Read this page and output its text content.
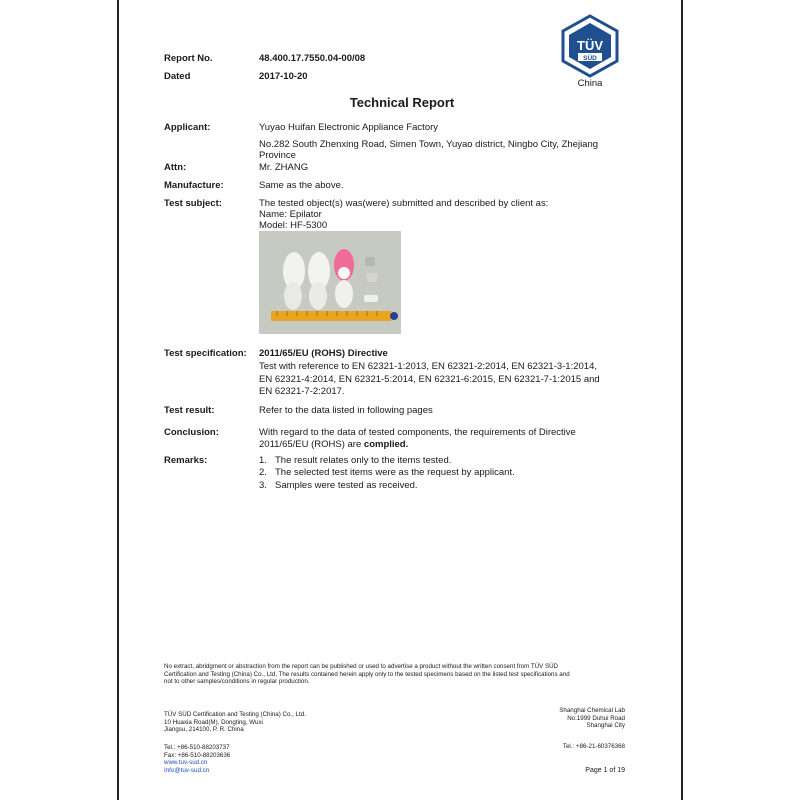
TÜV
SÜD
China
Report No.	48.400.17.7550.04-00/08
Dated	2017-10-20
Technical Report
Applicant:	Yuyao Huifan Electronic Appliance Factory
No.282 South Zhenxing Road, Simen Town, Yuyao district, Ningbo City, Zhejiang
Province
Attn:	Mr. ZHANG
Manufacture:	Same as the above.
Test subject:	The tested object(s) was(were) submitted and described by client as:
Name: Epilator
Model: HF-5300
Test specification: 2011/65/EU (ROHS) Directive
Test with reference to EN 62321-1:2013, EN 62321-2:2014, EN 62321-3-1:2014,
EN 62321-4:2014, EN 62321-5:2014, EN 62321-6:2015, EN 62321-7-1:2015 and
EN 62321-7-2:2017.
Test result:	Refer to the data listed in following pages
Conclusion:	With regard to the data of tested components, the requirements of Directive
2011/65/EU (ROHS) are complied.
Remarks:	1. The result relates only to the items tested.
2. The selected test items were as the request by applicant.
3. Samples were tested as received.
No extract, abridgment or abstraction from the report can be published or used to advertise a product without the written consent from TÜV SÜD
Certification and Testing (China) Co., Ltd. The results contained herein apply only to the tested specimens based on the listed test specifications and
not to other samples/conditions in regular production.
TÜV SÜD Certification and Testing (China) Co., Ltd.
10 Huaxia Road(M), Dongting, Wuxi
Jiangsu, 214100, P. R. China
Tel.: +86-510-88203737
Fax: +86-510-88203636
www.tuv-sud.cn
Info@tuv-sud.cn
Shanghai Chemical Lab
No.1999 Duhui Road
Shanghai City
Tel.: +86-21-60376368
Page 1 of 19
